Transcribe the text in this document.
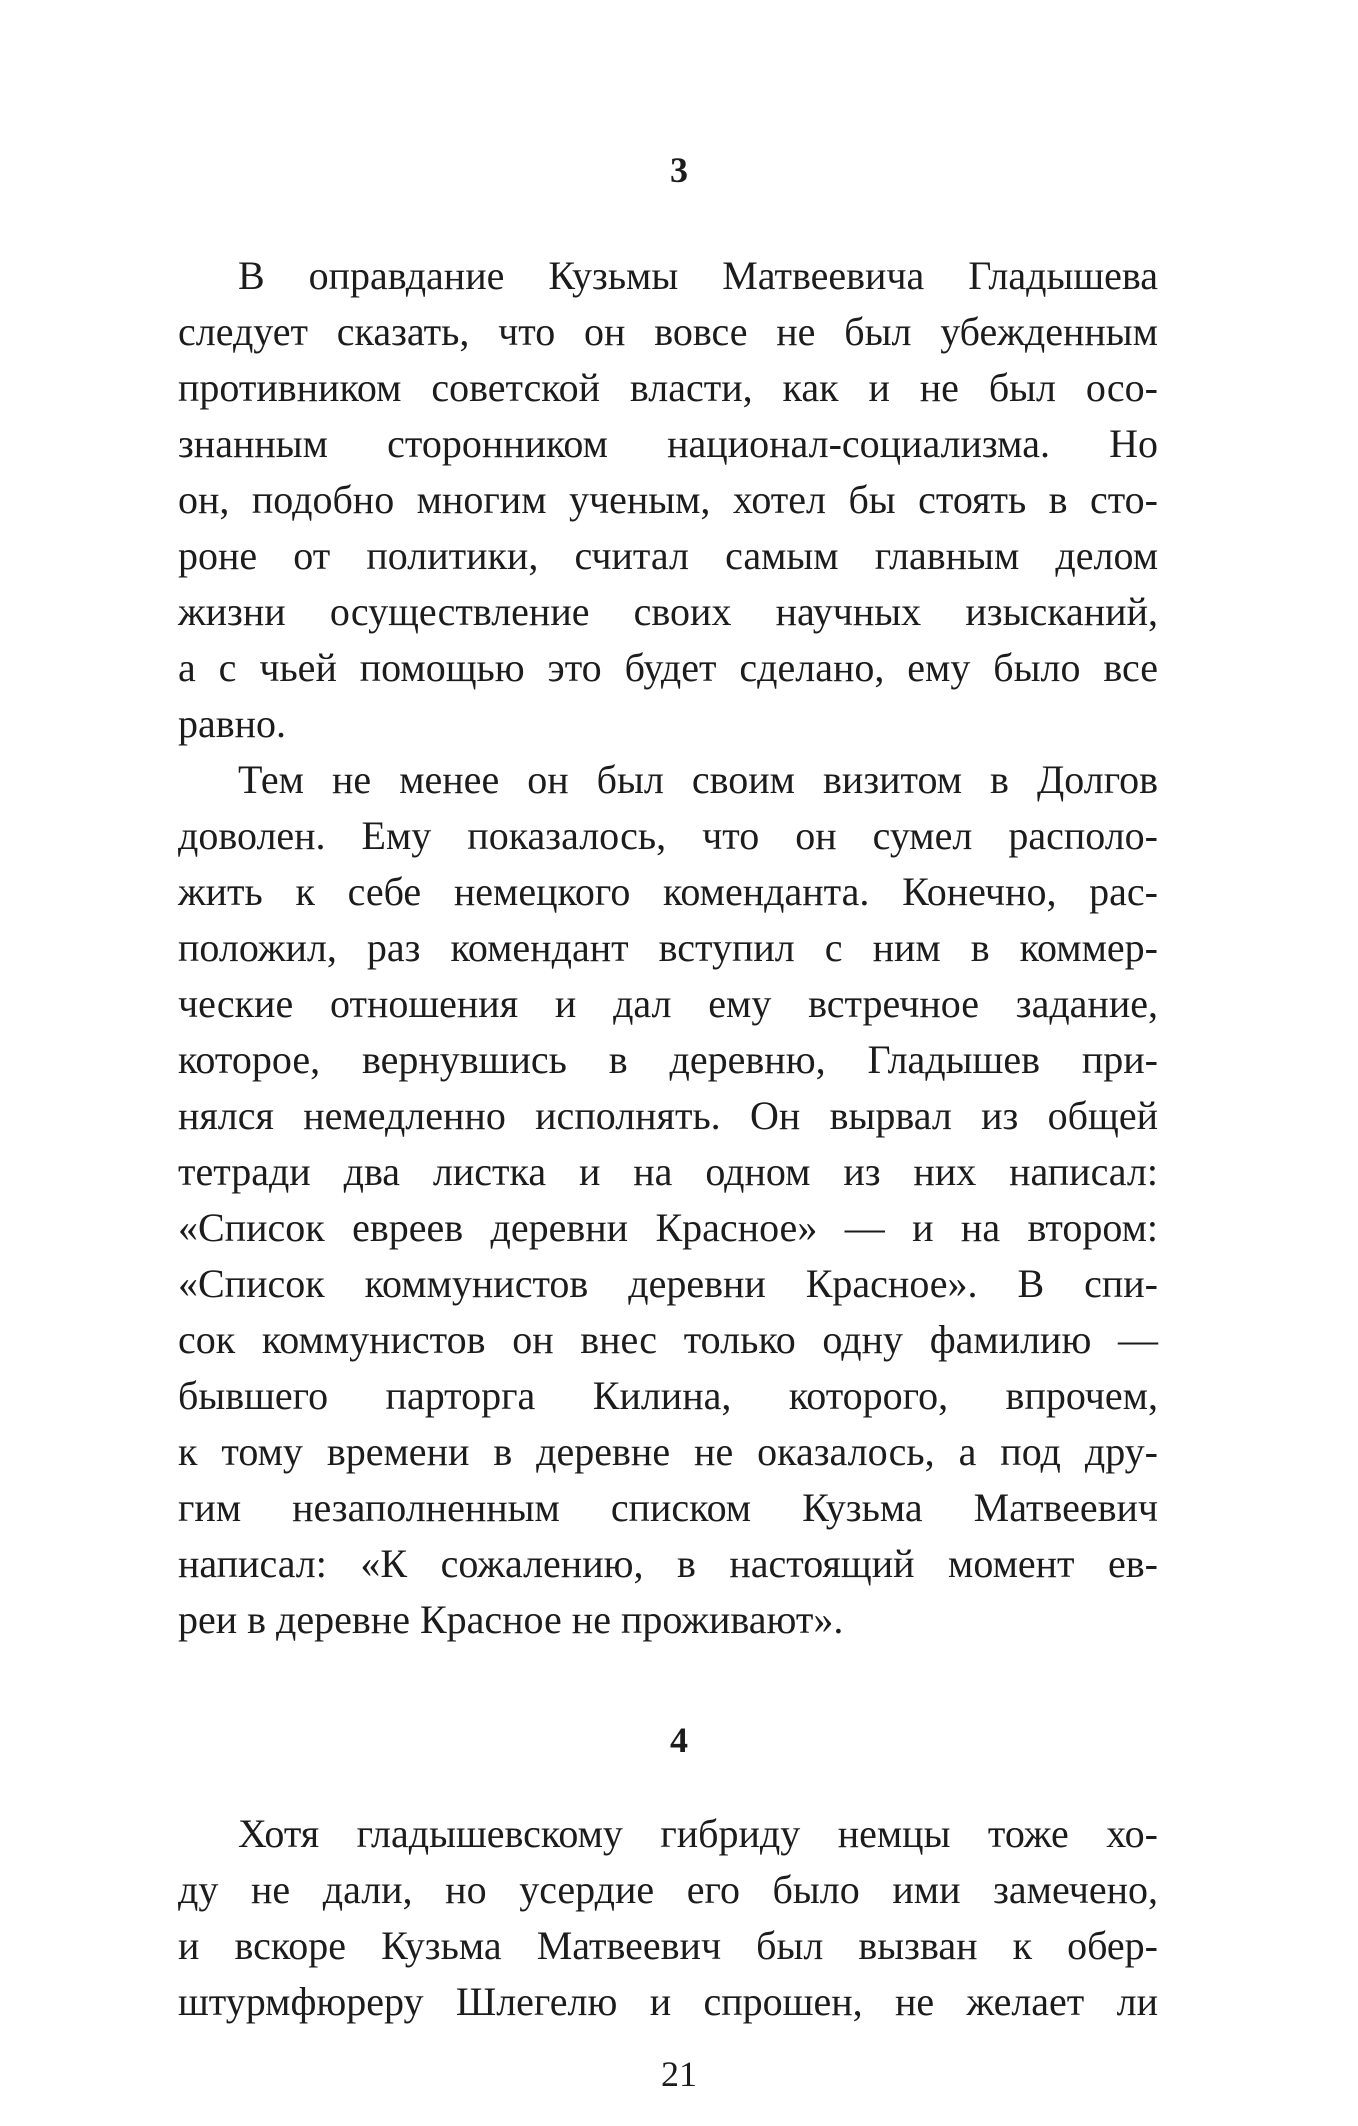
3
В оправдание Кузьмы Матвеевича Гладышева
следует сказать, что он вовсе не был убежденным
противником советской власти, как и не был осо-
знанным сторонником национал-социализма. Но
он, подобно многим ученым, хотел бы стоять в сто-
роне от политики, считал самым главным делом
жизни осуществление своих научных изысканий,
а с чьей помощью это будет сделано, ему было все
равно.
Тем не менее он был своим визитом в Долгов
доволен. Ему показалось, что он сумел располо-
жить к себе немецкого коменданта. Конечно, рас-
положил, раз комендант вступил с ним в коммер-
ческие отношения и дал ему встречное задание,
которое, вернувшись в деревню, Гладышев при-
нялся немедленно исполнять. Он вырвал из общей
тетради два листка и на одном из них написал:
«Список евреев деревни Красное» — и на втором:
«Список коммунистов деревни Красное». В спи-
сок коммунистов он внес только одну фамилию —
бывшего парторга Килина, которого, впрочем,
к тому времени в деревне не оказалось, а под дру-
гим незаполненным списком Кузьма Матвеевич
написал: «К сожалению, в настоящий момент ев-
реи в деревне Красное не проживают».
4
Хотя гладышевскому гибриду немцы тоже хо-
ду не дали, но усердие его было ими замечено,
и вскоре Кузьма Матвеевич был вызван к обер-
штурмфюреру Шлегелю и спрошен, не желает ли
21
